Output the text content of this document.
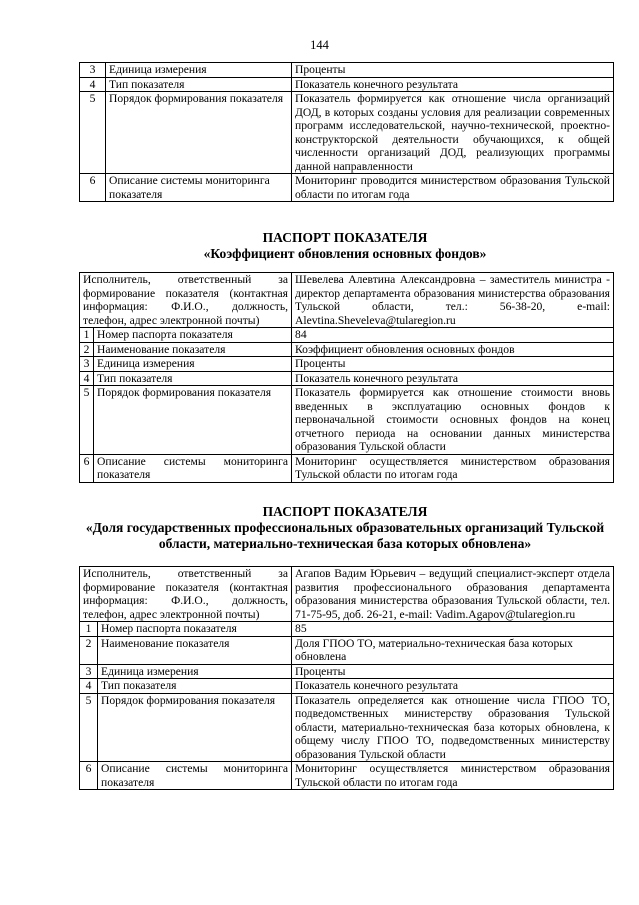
144
3	Единица измерения	Проценты
4	Тип показателя	Показатель конечного результата
5	Порядок формирования показателя	Показатель формируется как отношение числа организаций ДОД, в которых созданы условия для реализации современных программ исследовательской, научно-технической, проектно-конструкторской деятельности обучающихся, к общей численности организаций ДОД, реализующих программы данной направленности
6	Описание системы мониторинга показателя	Мониторинг проводится министерством образования Тульской области по итогам года
ПАСПОРТ ПОКАЗАТЕЛЯ
«Коэффициент обновления основных фондов»
Исполнитель, ответственный за формирование показателя (контактная информация: Ф.И.О., должность, телефон, адрес электронной почты)		Шевелева Алевтина Александровна – заместитель министра - директор департамента образования министерства образования Тульской области, тел.: 56-38-20, e-mail: Alevtina.Sheveleva@tularegion.ru
1	Номер паспорта показателя	84
2	Наименование показателя	Коэффициент обновления основных фондов
3	Единица измерения	Проценты
4	Тип показателя	Показатель конечного результата
5	Порядок формирования показателя	Показатель формируется как отношение стоимости вновь введенных в эксплуатацию основных фондов к первоначальной стоимости основных фондов на конец отчетного периода на основании данных министерства образования Тульской области
6	Описание системы мониторинга показателя	Мониторинг осуществляется министерством образования Тульской области по итогам года
ПАСПОРТ ПОКАЗАТЕЛЯ
«Доля государственных профессиональных образовательных организаций Тульской области, материально-техническая база которых обновлена»
Исполнитель, ответственный за формирование показателя (контактная информация: Ф.И.О., должность, телефон, адрес электронной почты)		Агапов Вадим Юрьевич – ведущий специалист-эксперт отдела развития профессионального образования департамента образования министерства образования Тульской области, тел. 71-75-95, доб. 26-21, e-mail: Vadim.Agapov@tularegion.ru
1	Номер паспорта показателя	85
2	Наименование показателя	Доля ГПОО ТО, материально-техническая база которых обновлена
3	Единица измерения	Проценты
4	Тип показателя	Показатель конечного результата
5	Порядок формирования показателя	Показатель определяется как отношение числа ГПОО ТО, подведомственных министерству образования Тульской области, материально-техническая база которых обновлена, к общему числу ГПОО ТО, подведомственных министерству образования Тульской области
6	Описание системы мониторинга показателя	Мониторинг осуществляется министерством образования Тульской области по итогам года
